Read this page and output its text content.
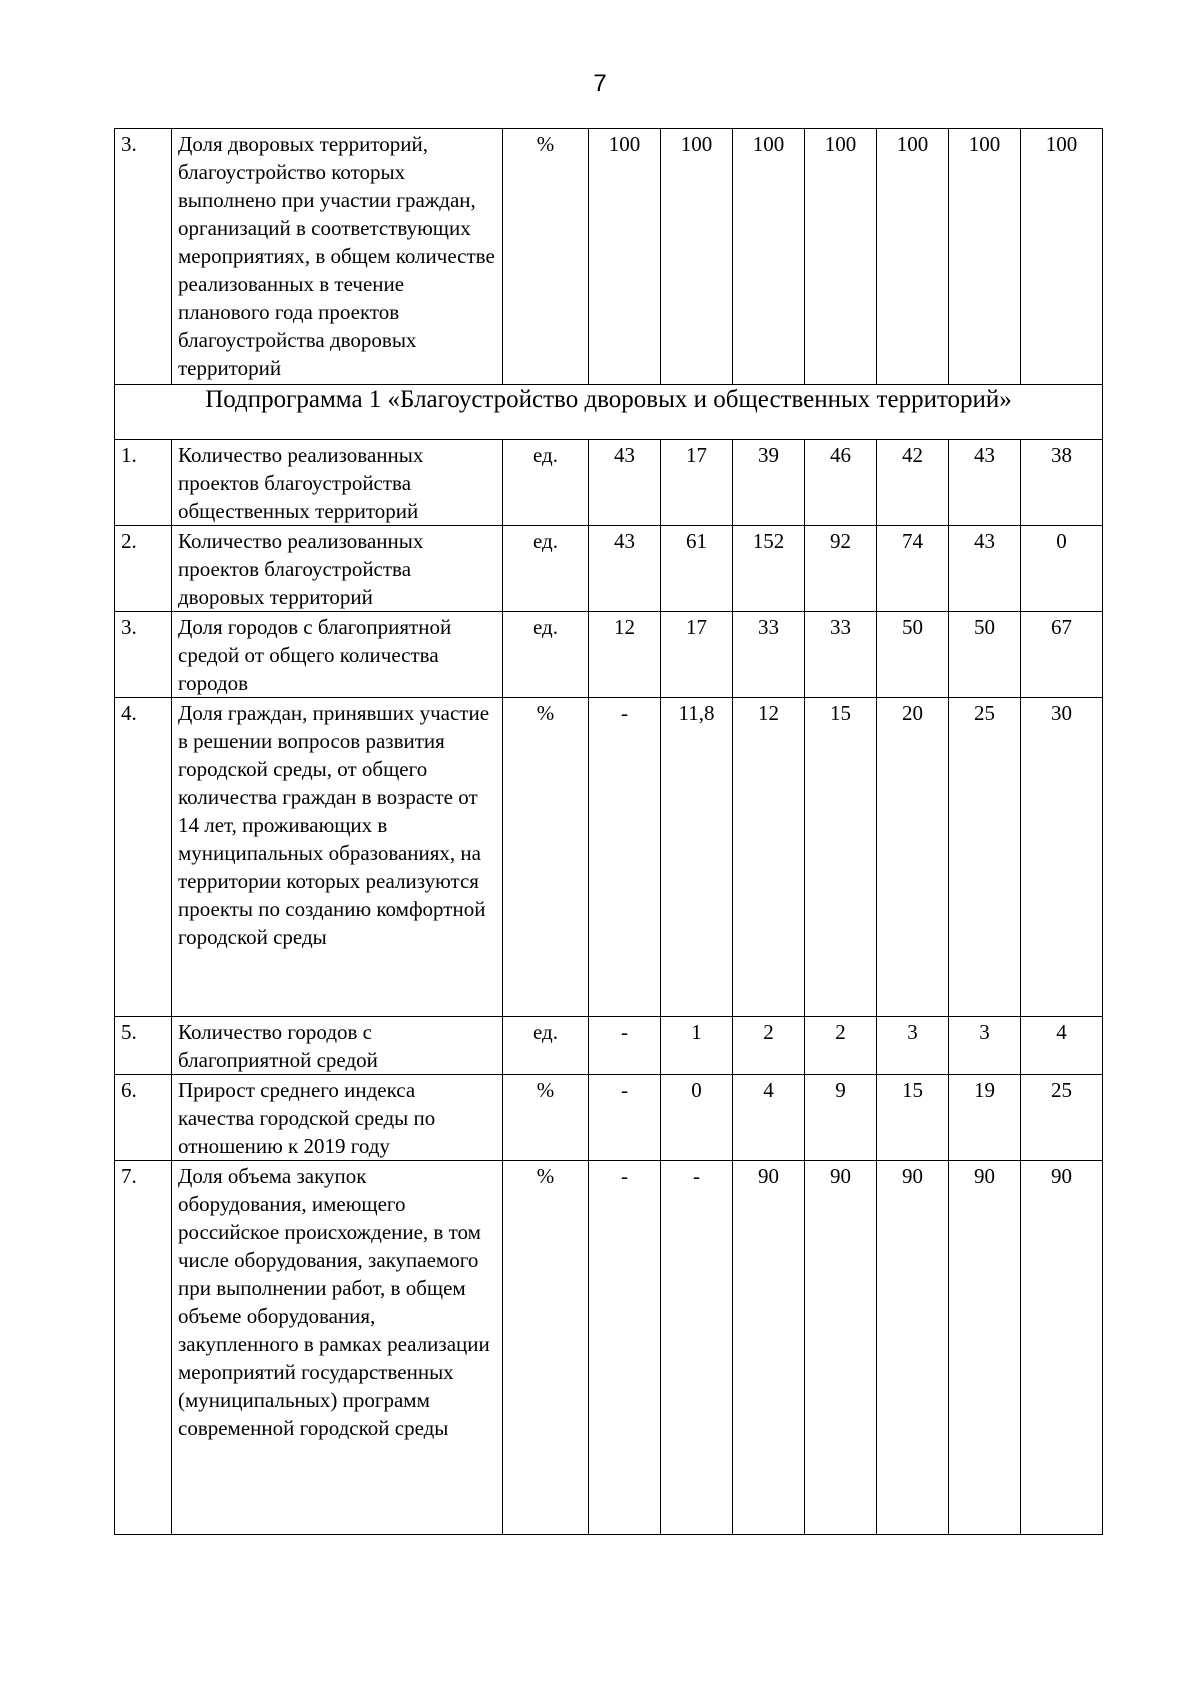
7
3.	Доля дворовых территорий, благоустройство которых выполнено при участии граждан, организаций в соответствующих мероприятиях, в общем количестве реализованных в течение планового года проектов благоустройства дворовых территорий	%	100	100	100	100	100	100	100
Подпрограмма 1 «Благоустройство дворовых и общественных территорий»									
1.	Количество реализованных проектов благоустройства общественных территорий	ед.	43	17	39	46	42	43	38
2.	Количество реализованных проектов благоустройства дворовых территорий	ед.	43	61	152	92	74	43	0
3.	Доля городов с благоприятной средой от общего количества городов	ед.	12	17	33	33	50	50	67
4.	Доля граждан, принявших участие в решении вопросов развития городской среды, от общего количества граждан в возрасте от 14 лет, проживающих в муниципальных образованиях, на территории которых реализуются проекты по созданию комфортной городской среды	%	-	11,8	12	15	20	25	30
5.	Количество городов с благоприятной средой	ед.	-	1	2	2	3	3	4
6.	Прирост среднего индекса качества городской среды по отношению к 2019 году	%	-	0	4	9	15	19	25
7.	Доля объема закупок оборудования, имеющего российское происхождение, в том числе оборудования, закупаемого при выполнении работ, в общем объеме оборудования, закупленного в рамках реализации мероприятий государственных (муниципальных) программ современной городской среды	%	-	-	90	90	90	90	90
